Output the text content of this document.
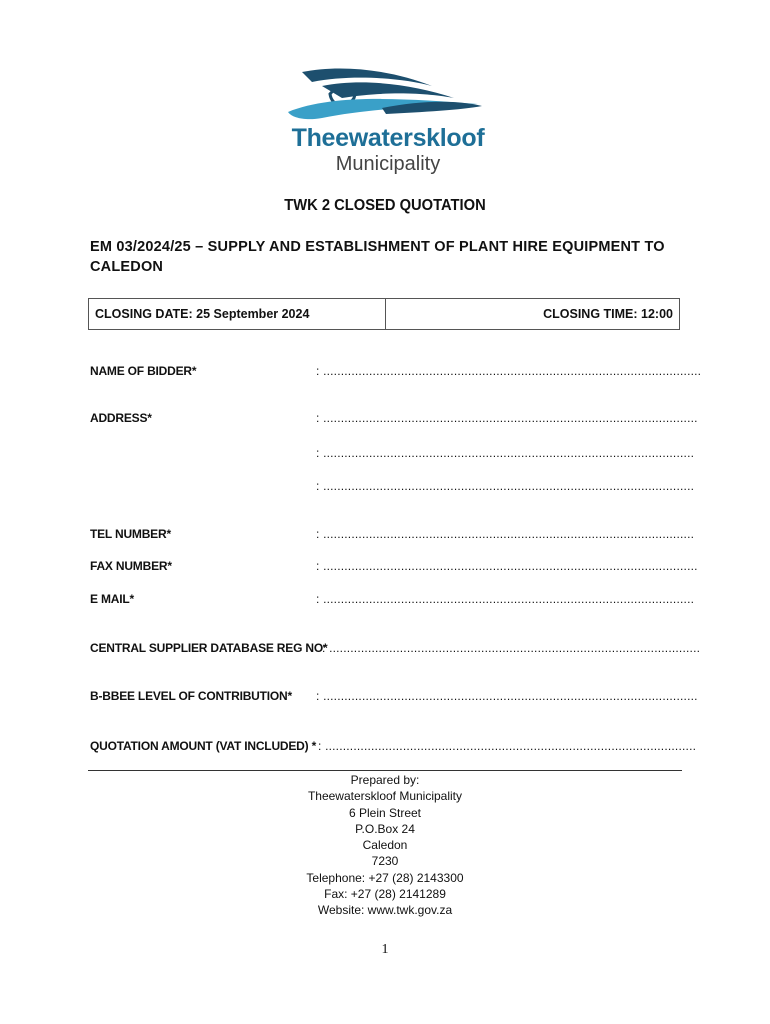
Theewaterskloof
Municipality
TWK 2 CLOSED QUOTATION
EM 03/2024/25 – SUPPLY AND ESTABLISHMENT OF PLANT HIRE EQUIPMENT TO CALEDON
CLOSING DATE: 25 September 2024	CLOSING TIME: 12:00
NAME OF BIDDER*	: ...........................................................................................................
ADDRESS*	: ..........................................................................................................
: .........................................................................................................
: .........................................................................................................
TEL NUMBER*	: .........................................................................................................
FAX NUMBER*	: ..........................................................................................................
E MAIL*	: .........................................................................................................
CENTRAL SUPPLIER DATABASE REG NO*
: .........................................................................................................
B-BBEE LEVEL OF CONTRIBUTION* : ..........................................................................................................
QUOTATION AMOUNT (VAT INCLUDED) * : .........................................................................................................
Prepared by:
Theewaterskloof Municipality
6 Plein Street
P.O.Box 24
Caledon
7230
Telephone: +27 (28) 2143300
Fax: +27 (28) 2141289
Website: www.twk.gov.za
1
